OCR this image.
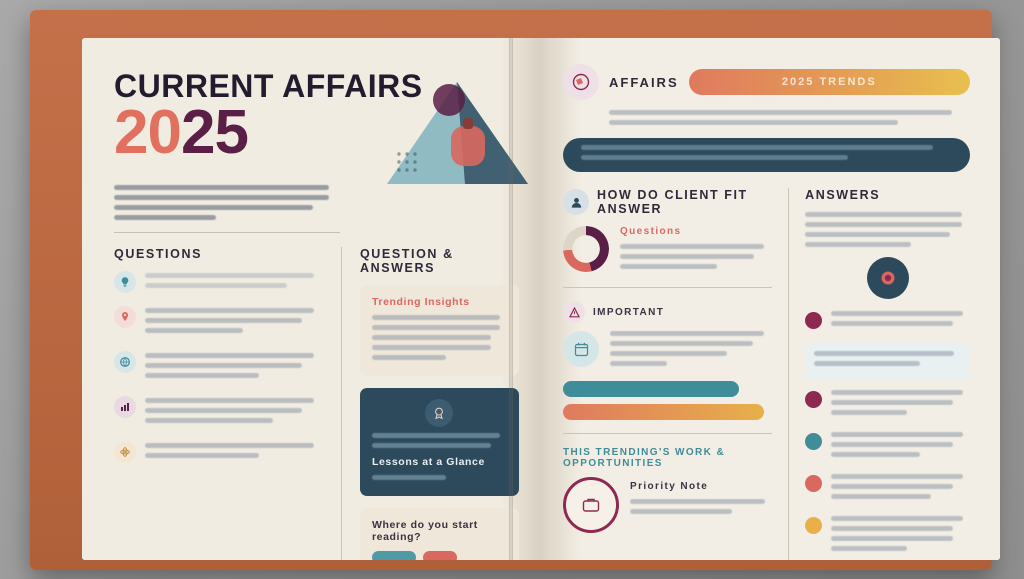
CURRENT AFFAIRS
2025
QUESTIONS	QUESTION & ANSWERS
Trending Insights
Lessons at a Glance
Where do you start reading?
AFFAIRS	2025 TRENDS
HOW DO CLIENT FIT ANSWER
Questions
IMPORTANT
THIS TRENDING'S WORK & OPPORTUNITIES
Priority Note
ANSWERS
